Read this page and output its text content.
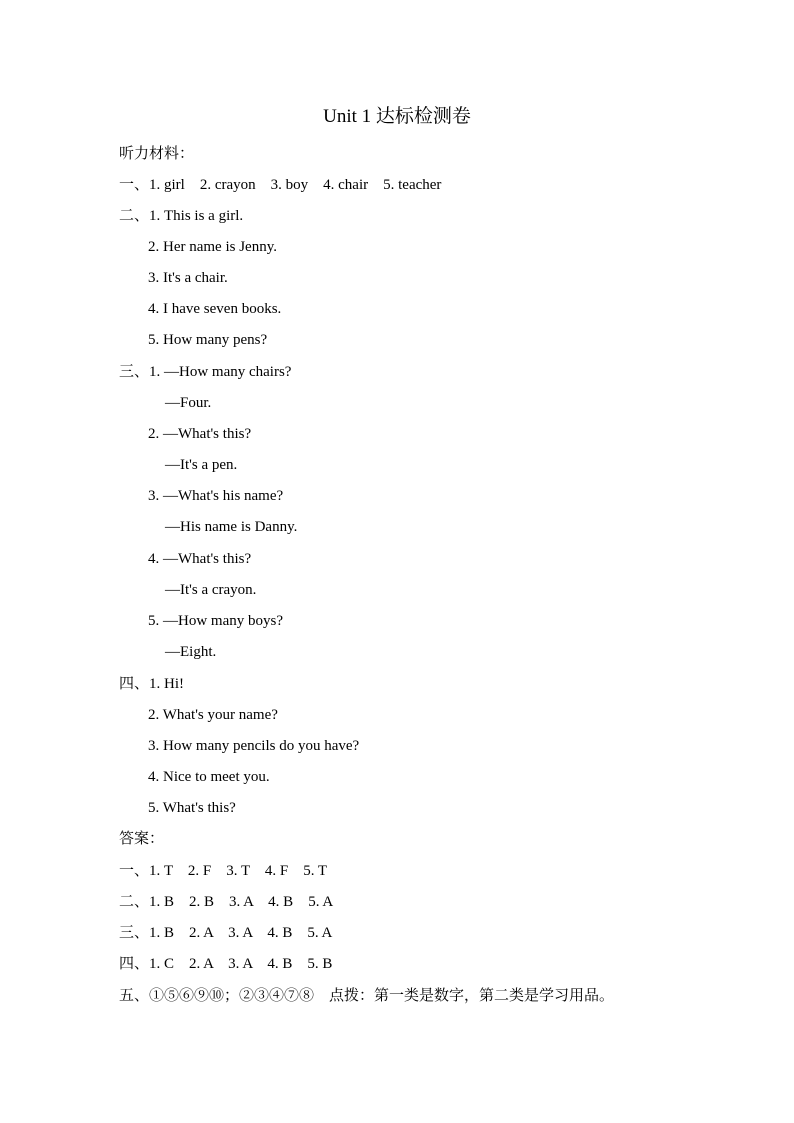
Unit 1 达标检测卷
听力材料：
一、1. girl    2. crayon    3. boy    4. chair    5. teacher
二、1. This is a girl.
2. Her name is Jenny.
3. It's a chair.
4. I have seven books.
5. How many pens?
三、1. —How many chairs?
—Four.
2. —What's this?
—It's a pen.
3. —What's his name?
—His name is Danny.
4. —What's this?
—It's a crayon.
5. —How many boys?
—Eight.
四、1. Hi!
2. What's your name?
3. How many pencils do you have?
4. Nice to meet you.
5. What's this?
答案：
一、1. T    2. F    3. T    4. F    5. T
二、1. B    2. B    3. A    4. B    5. A
三、1. B    2. A    3. A    4. B    5. A
四、1. C    2. A    3. A    4. B    5. B
五、①⑤⑥⑨⑩；②③④⑦⑧    点拨：第一类是数字，第二类是学习用品。
